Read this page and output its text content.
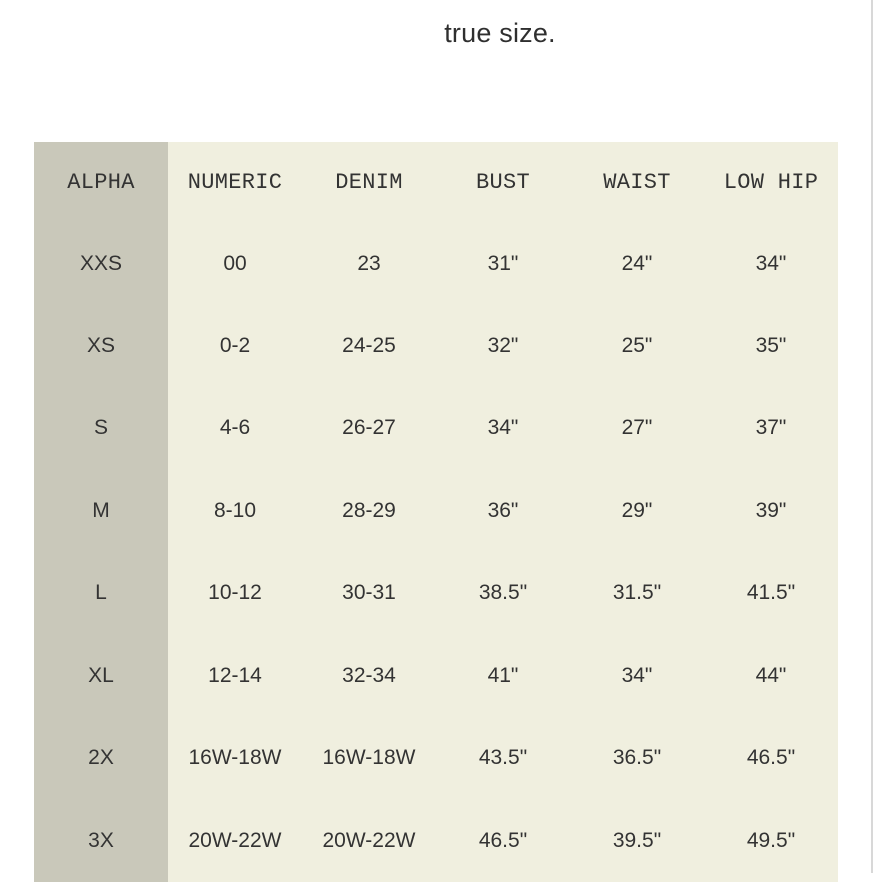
true size.
ALPHA	NUMERIC	DENIM	BUST	WAIST	LOW HIP
XXS	00	23	31"	24"	34"
XS	0-2	24-25	32"	25"	35"
S	4-6	26-27	34"	27"	37"
M	8-10	28-29	36"	29"	39"
L	10-12	30-31	38.5"	31.5"	41.5"
XL	12-14	32-34	41"	34"	44"
2X	16W-18W	16W-18W	43.5"	36.5"	46.5"
3X	20W-22W	20W-22W	46.5"	39.5"	49.5"
